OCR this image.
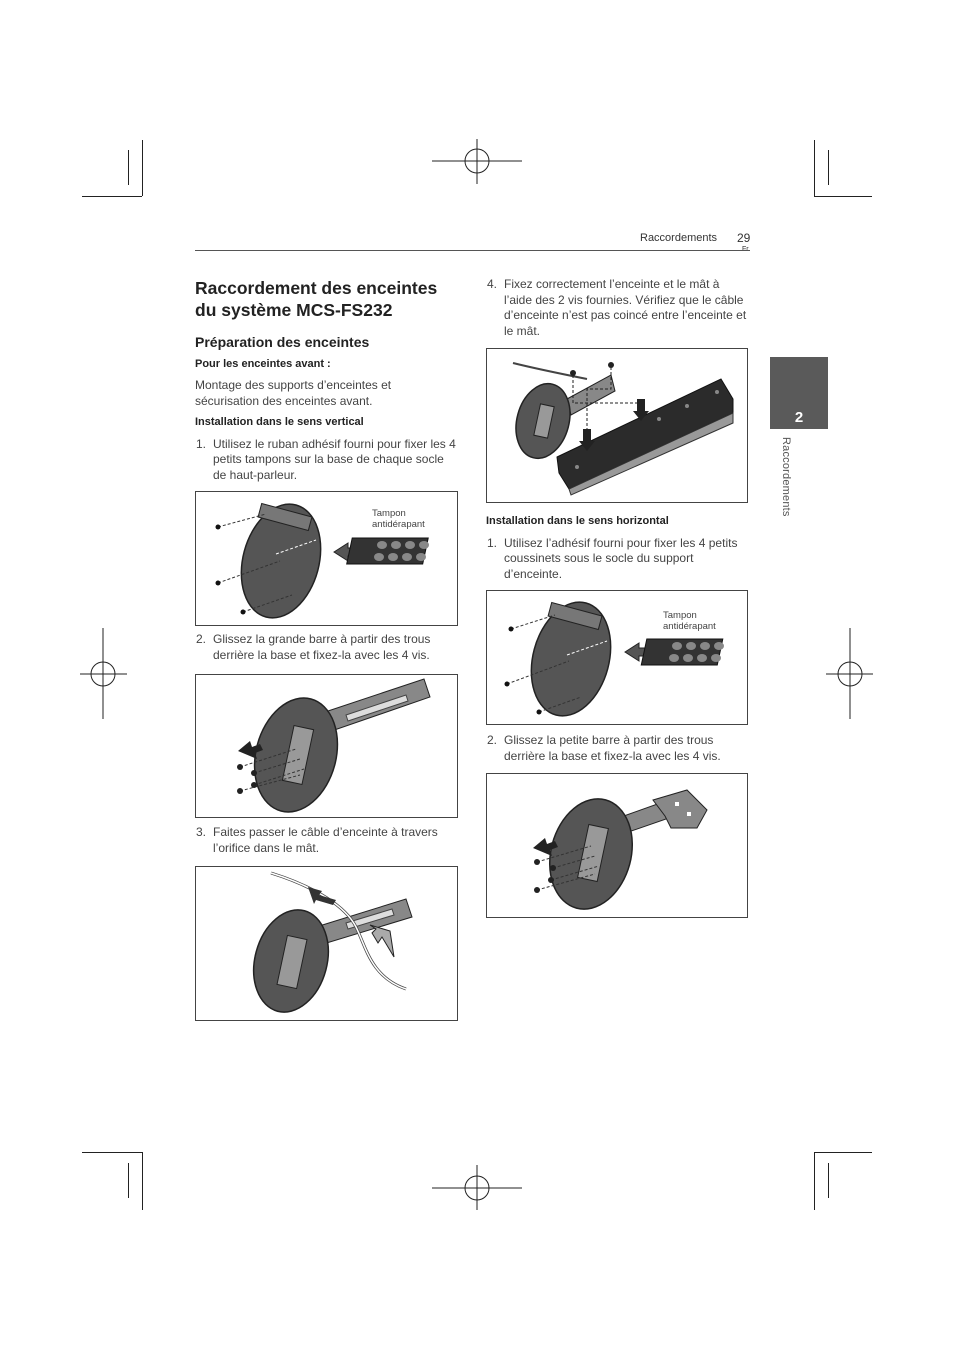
Raccordements 29
2
Raccordements
Raccordement des enceintes du système MCS-FS232
Préparation des enceintes
Pour les enceintes avant :

Montage des supports d’enceintes et sécurisation des enceintes avant.

Installation dans le sens vertical

1. Utilisez le ruban adhésif fourni pour fixer les 4 petits tampons sur la base de chaque socle de haut-parleur.

Tampon antidérapant

2. Glissez la grande barre à partir des trous derrière la base et fixez-la avec les 4 vis.

3. Faites passer le câble d’enceinte à travers l’orifice dans le mât.

4. Fixez correctement l’enceinte et le mât à l’aide des 2 vis fournies. Vérifiez que le câble d’enceinte n’est pas coincé entre l’enceinte et le mât.

Installation dans le sens horizontal

1. Utilisez l’adhésif fourni pour fixer les 4 petits coussinets sous le socle du support d’enceinte.

Tampon antidérapant

2. Glissez la petite barre à partir des trous derrière la base et fixez-la avec les 4 vis.
